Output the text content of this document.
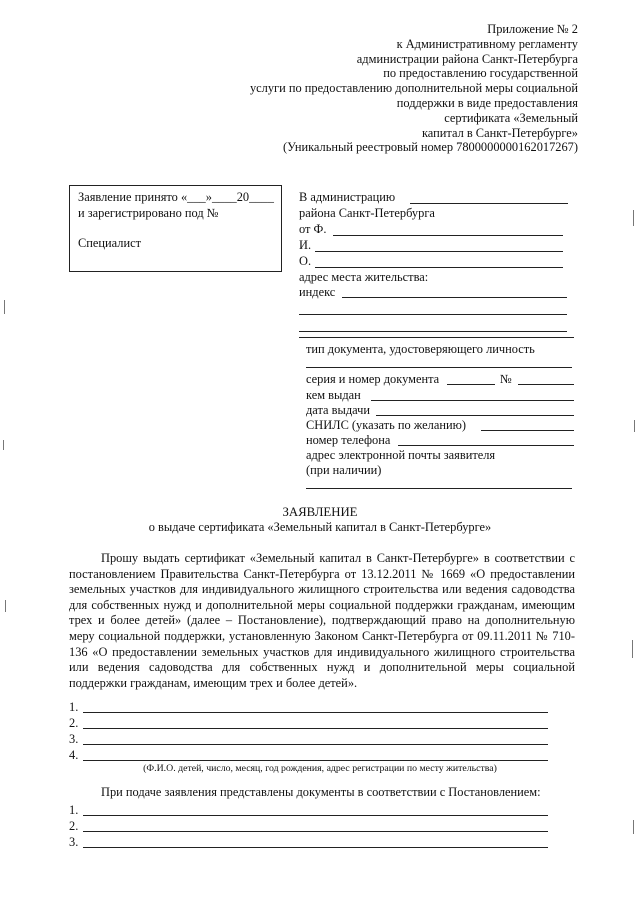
Приложение № 2
к Административному регламенту
администрации района Санкт-Петербурга
по предоставлению государственной
услуги по предоставлению дополнительной меры социальной
поддержки в виде предоставления
сертификата «Земельный
капитал в Санкт-Петербурге»
(Уникальный реестровый номер 7800000000162017267)
Заявление принято «___»____20____
и зарегистрировано под №
Специалист
В администрацию
района Санкт-Петербурга
от Ф.
И.
О.
адрес места жительства:
индекс
тип документа, удостоверяющего личность
серия и номер документа	№
кем выдан
дата выдачи
СНИЛС (указать по желанию)
номер телефона
адрес электронной почты заявителя
(при наличии)
ЗАЯВЛЕНИЕ
о выдаче сертификата «Земельный капитал в Санкт-Петербурге»
Прошу выдать сертификат «Земельный капитал в Санкт-Петербурге» в соответствии с постановлением Правительства Санкт-Петербурга от 13.12.2011 № 1669 «О предоставлении земельных участков для индивидуального жилищного строительства или ведения садоводства для собственных нужд и дополнительной меры социальной поддержки гражданам, имеющим трех и более детей» (далее – Постановление), подтверждающий право на дополнительную меру социальной поддержки, установленную Законом Санкт-Петербурга от 09.11.2011 № 710-136 «О предоставлении земельных участков для индивидуального жилищного строительства или ведения садоводства для собственных нужд и дополнительной меры социальной поддержки гражданам, имеющим трех и более детей».
1.
2.
3.
4.
(Ф.И.О. детей, число, месяц, год рождения, адрес регистрации по месту жительства)
При подаче заявления представлены документы в соответствии с Постановлением:
1.
2.
3.
